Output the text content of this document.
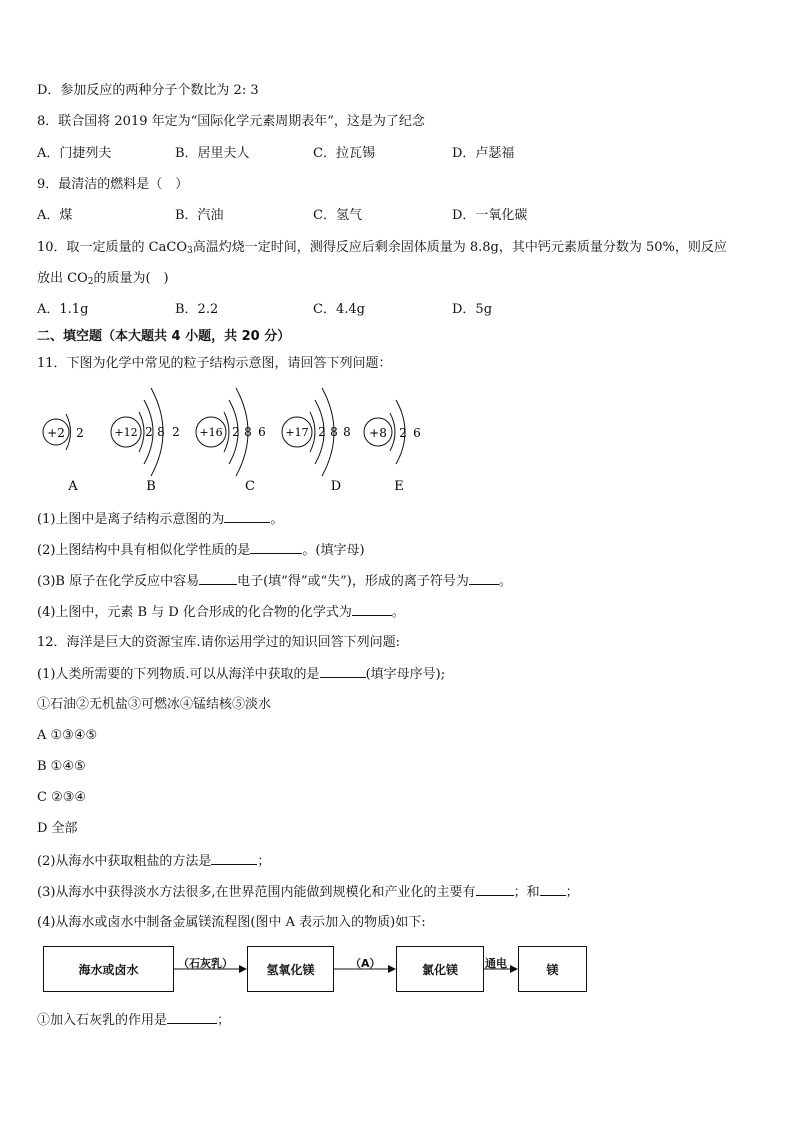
D．参加反应的两种分子个数比为 2: 3
8．联合国将 2019 年定为“国际化学元素周期表年”，这是为了纪念
A．门捷列夫	B．居里夫人	C．拉瓦锡	D．卢瑟福
9．最清洁的燃料是（　）
A．煤	B．汽油	C．氢气	D．一氧化碳
10．取一定质量的 CaCO$_3$高温灼烧一定时间，测得反应后剩余固体质量为 8.8g，其中钙元素质量分数为 50%，则反应
放出 $CO_2$的质量为(　)
A．1.1g	B．2.2	C．4.4g	D．5g
二、填空题（本大题共 4 小题，共 20 分）
11．下图为化学中常见的粒子结构示意图，请回答下列问题：
+2 2
A
+12 2 8 2
B
+16 2 8 6
C
+17 2 8 8
D
+8 2 6
E
(1)上图中是离子结构示意图的为	。
(2)上图结构中具有相似化学性质的是	。(填字母)
(3)B 原子在化学反应中容易	电子(填“得”或“失”)，形成的离子符号为 。
(4)上图中，元素 B 与 D 化合形成的化合物的化学式为	。
12．海洋是巨大的资源宝库.请你运用学过的知识回答下列问题:
(1)人类所需要的下列物质.可以从海洋中获取的是	(填字母序号);
①石油②无机盐③可燃冰④锰结核⑤淡水
A ①③④⑤
B ①④⑤
C ②③④
D 全部
(2)从海水中获取粗盐的方法是	；
(3)从海水中获得淡水方法很多,在世界范围内能做到规模化和产业化的主要有	；和 ；
(4)从海水或卤水中制备金属镁流程图(图中 A 表示加入的物质)如下:
海水或卤水	氢氧化镁	氯化镁	镁
（石灰乳）	（A）	通电
①加入石灰乳的作用是	；
